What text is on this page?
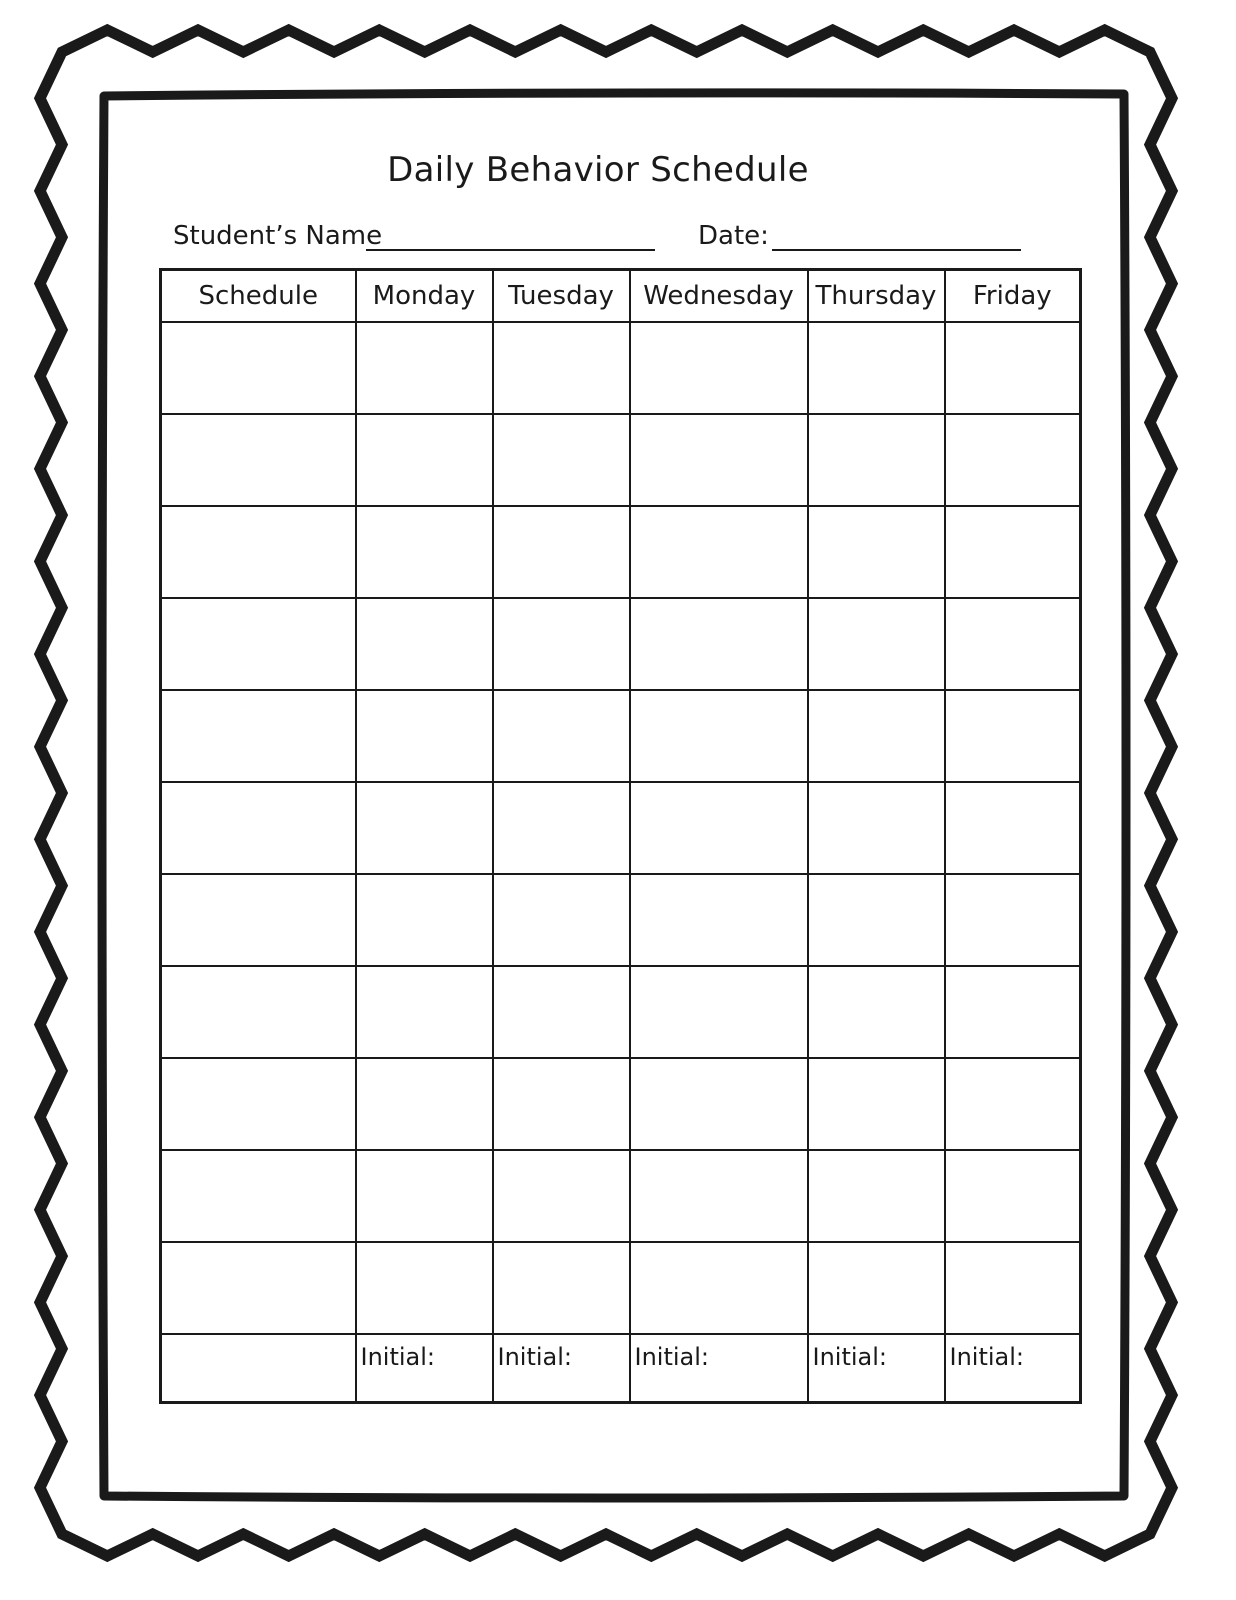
Daily Behavior Schedule
Student’s Name	Date:
Schedule	Monday	Tuesday	Wednesday	Thursday	Friday

	Initial:	Initial:	Initial:	Initial:	Initial:
